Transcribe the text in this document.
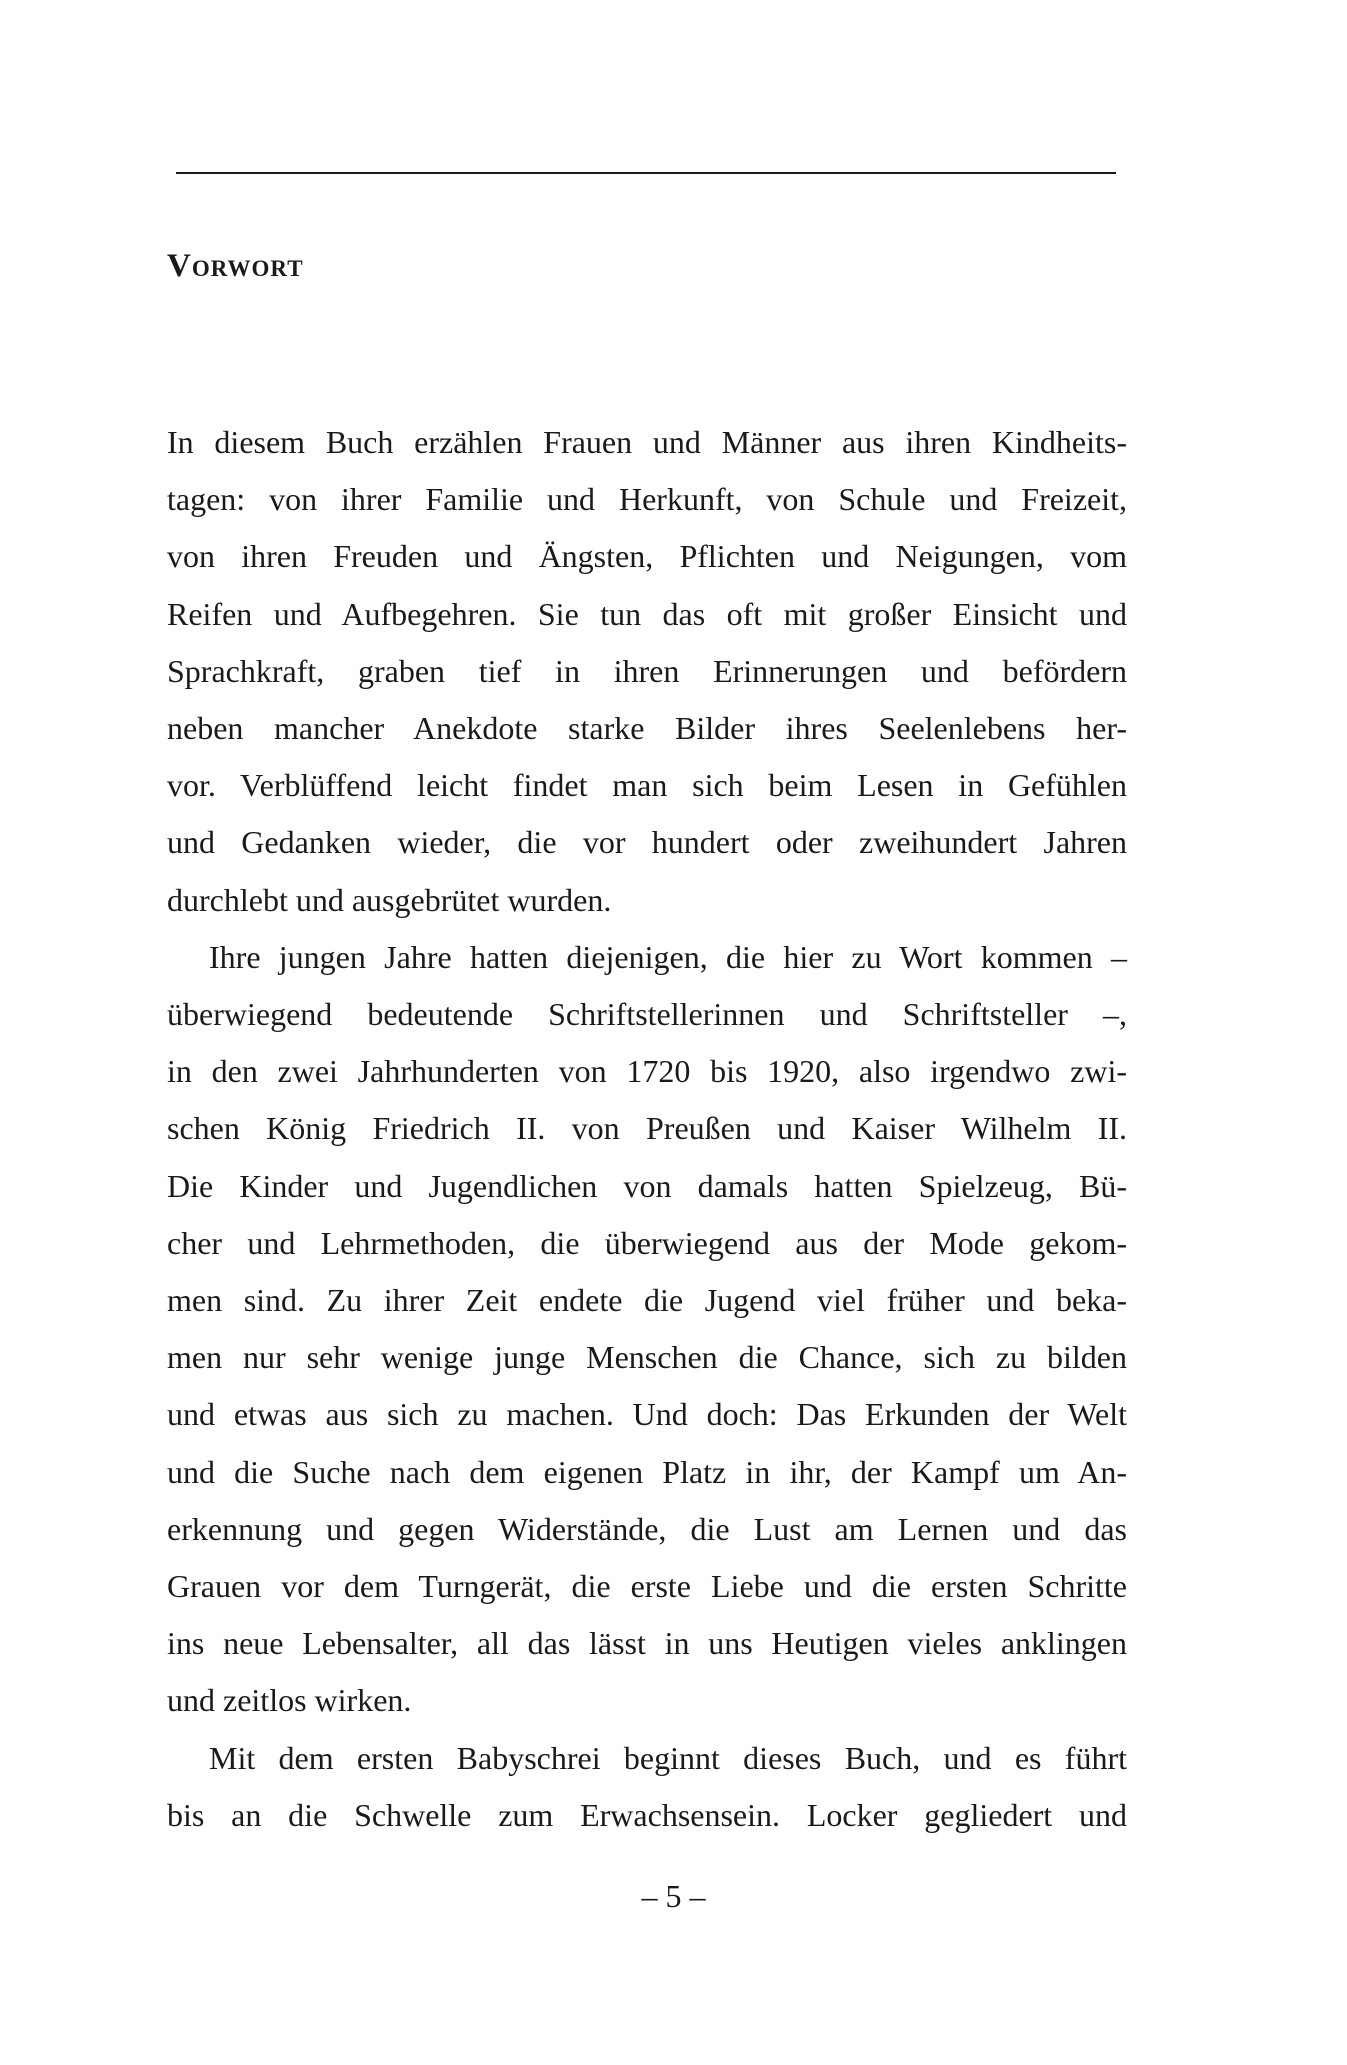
Vorwort

In diesem Buch erzählen Frauen und Männer aus ihren Kindheits-
tagen: von ihrer Familie und Herkunft, von Schule und Freizeit,
von ihren Freuden und Ängsten, Pflichten und Neigungen, vom
Reifen und Aufbegehren. Sie tun das oft mit großer Einsicht und
Sprachkraft, graben tief in ihren Erinnerungen und befördern
neben mancher Anekdote starke Bilder ihres Seelenlebens her-
vor. Verblüffend leicht findet man sich beim Lesen in Gefühlen
und Gedanken wieder, die vor hundert oder zweihundert Jahren
durchlebt und ausgebrütet wurden.

Ihre jungen Jahre hatten diejenigen, die hier zu Wort kommen –
überwiegend bedeutende Schriftstellerinnen und Schriftsteller –,
in den zwei Jahrhunderten von 1720 bis 1920, also irgendwo zwi-
schen König Friedrich II. von Preußen und Kaiser Wilhelm II.
Die Kinder und Jugendlichen von damals hatten Spielzeug, Bü-
cher und Lehrmethoden, die überwiegend aus der Mode gekom-
men sind. Zu ihrer Zeit endete die Jugend viel früher und beka-
men nur sehr wenige junge Menschen die Chance, sich zu bilden
und etwas aus sich zu machen. Und doch: Das Erkunden der Welt
und die Suche nach dem eigenen Platz in ihr, der Kampf um An-
erkennung und gegen Widerstände, die Lust am Lernen und das
Grauen vor dem Turngerät, die erste Liebe und die ersten Schritte
ins neue Lebensalter, all das lässt in uns Heutigen vieles anklingen
und zeitlos wirken.

Mit dem ersten Babyschrei beginnt dieses Buch, und es führt
bis an die Schwelle zum Erwachsensein. Locker gegliedert und

– 5 –
